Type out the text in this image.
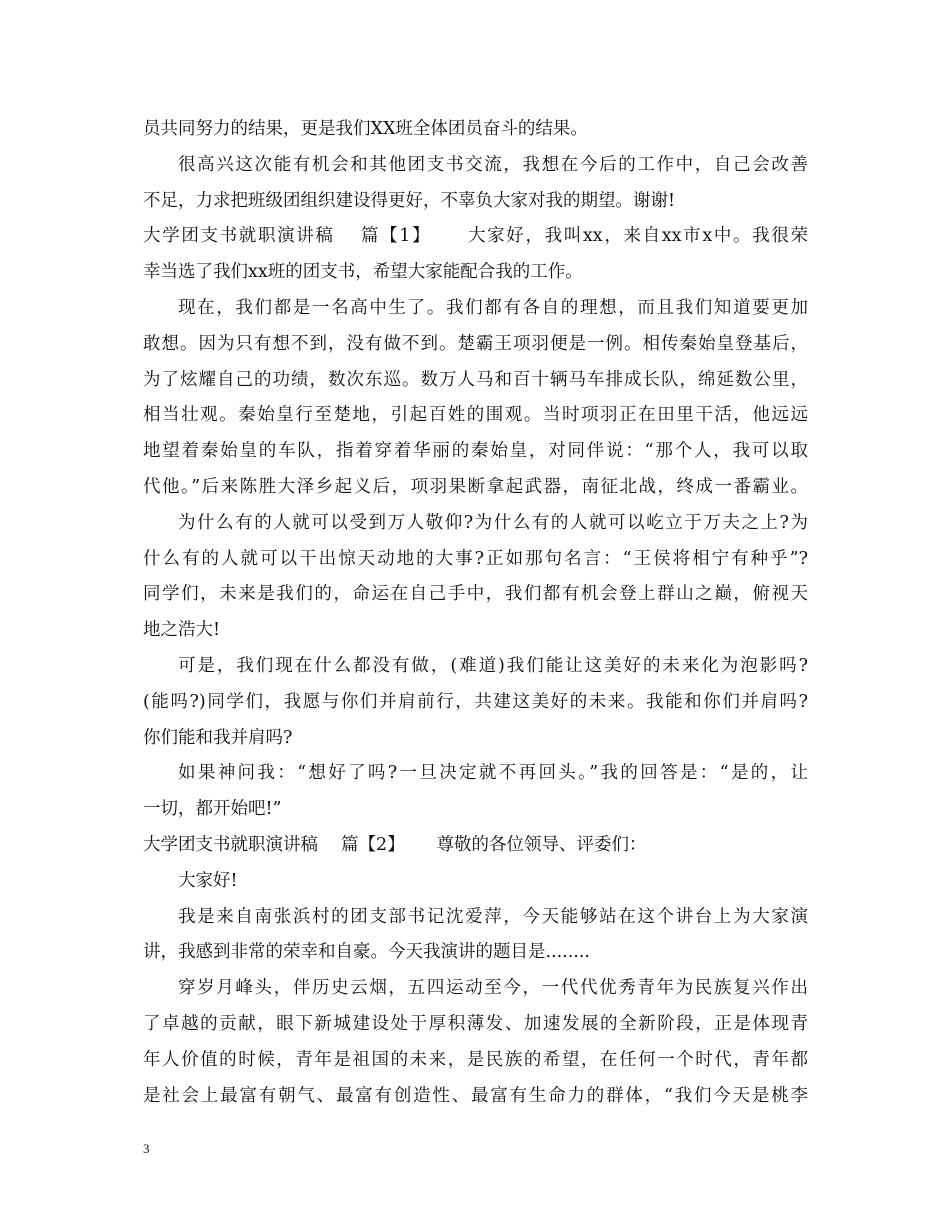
员共同努力的结果，更是我们XX班全体团员奋斗的结果。
很高兴这次能有机会和其他团支书交流，我想在今后的工作中，自己会改善
不足，力求把班级团组织建设得更好，不辜负大家对我的期望。谢谢!
大学团支书就职演讲稿　 篇【1】　　 大家好，我叫xx，来自xx市x中。我很荣
幸当选了我们xx班的团支书，希望大家能配合我的工作。
现在，我们都是一名高中生了。我们都有各自的理想，而且我们知道要更加
敢想。因为只有想不到，没有做不到。楚霸王项羽便是一例。相传秦始皇登基后，
为了炫耀自己的功绩，数次东巡。数万人马和百十辆马车排成长队，绵延数公里，
相当壮观。秦始皇行至楚地，引起百姓的围观。当时项羽正在田里干活，他远远
地望着秦始皇的车队，指着穿着华丽的秦始皇，对同伴说：“那个人，我可以取
代他。”后来陈胜大泽乡起义后，项羽果断拿起武器，南征北战，终成一番霸业。
为什么有的人就可以受到万人敬仰?为什么有的人就可以屹立于万夫之上?为
什么有的人就可以干出惊天动地的大事?正如那句名言：“王侯将相宁有种乎”?
同学们，未来是我们的，命运在自己手中，我们都有机会登上群山之巅，俯视天
地之浩大!
可是，我们现在什么都没有做，(难道)我们能让这美好的未来化为泡影吗?
(能吗?)同学们，我愿与你们并肩前行，共建这美好的未来。我能和你们并肩吗?
你们能和我并肩吗?
如果神问我：“想好了吗?一旦决定就不再回头。”我的回答是：“是的，让
一切，都开始吧!”
大学团支书就职演讲稿　 篇【2】　　 尊敬的各位领导、评委们：
大家好!
我是来自南张浜村的团支部书记沈爱萍，今天能够站在这个讲台上为大家演
讲，我感到非常的荣幸和自豪。今天我演讲的题目是........
穿岁月峰头，伴历史云烟，五四运动至今，一代代优秀青年为民族复兴作出
了卓越的贡献，眼下新城建设处于厚积薄发、加速发展的全新阶段，正是体现青
年人价值的时候，青年是祖国的未来，是民族的希望，在任何一个时代，青年都
是社会上最富有朝气、最富有创造性、最富有生命力的群体，“我们今天是桃李
3
